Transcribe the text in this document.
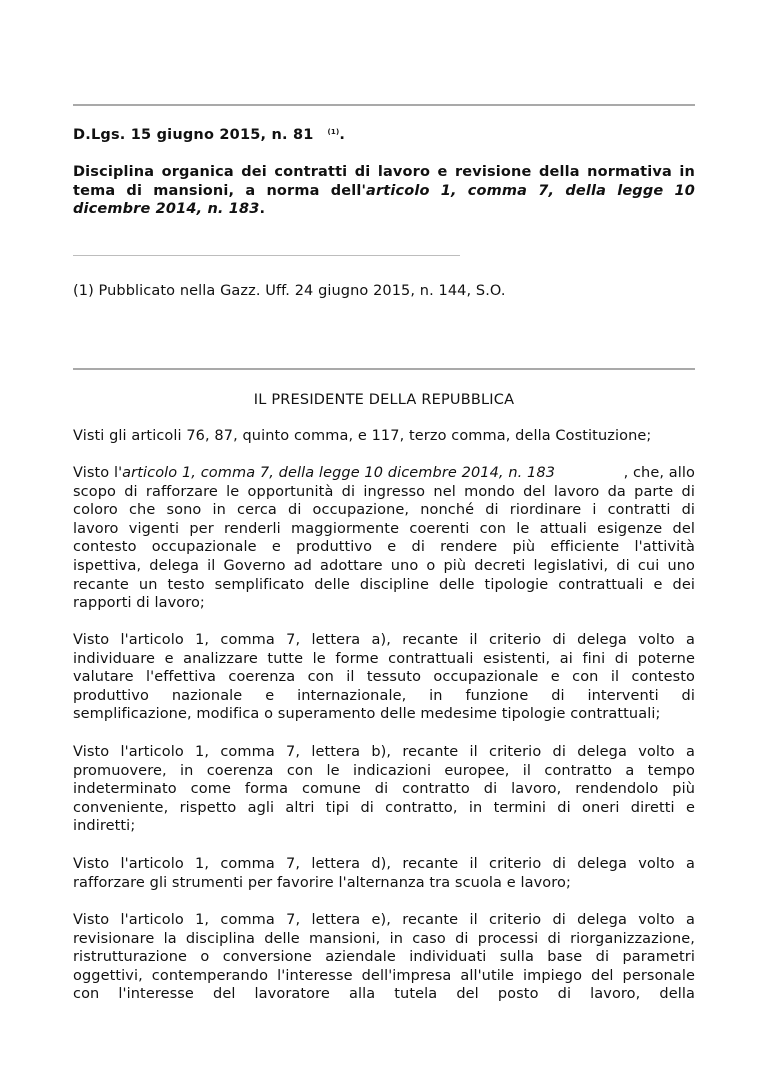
D.Lgs. 15 giugno 2015, n. 81 $^{(1)}$.
Disciplina organica dei contratti di lavoro e revisione della normativa in tema di mansioni, a norma dell'articolo 1, comma 7, della legge 10 dicembre 2014, n. 183.
(1) Pubblicato nella Gazz. Uff. 24 giugno 2015, n. 144, S.O.
IL PRESIDENTE DELLA REPUBBLICA
Visti gli articoli 76, 87, quinto comma, e 117, terzo comma, della Costituzione;
Visto l'articolo 1, comma 7, della legge 10 dicembre 2014, n. 183	, che, allo
scopo di rafforzare le opportunità di ingresso nel mondo del lavoro da parte di
coloro che sono in cerca di occupazione, nonché di riordinare i contratti di
lavoro vigenti per renderli maggiormente coerenti con le attuali esigenze del
contesto occupazionale e produttivo e di rendere più efficiente l'attività
ispettiva, delega il Governo ad adottare uno o più decreti legislativi, di cui uno
recante un testo semplificato delle discipline delle tipologie contrattuali e dei
rapporti di lavoro;
Visto l'articolo 1, comma 7, lettera a), recante il criterio di delega volto a
individuare e analizzare tutte le forme contrattuali esistenti, ai fini di poterne
valutare l'effettiva coerenza con il tessuto occupazionale e con il contesto
produttivo nazionale e internazionale, in funzione di interventi di
semplificazione, modifica o superamento delle medesime tipologie contrattuali;
Visto l'articolo 1, comma 7, lettera b), recante il criterio di delega volto a
promuovere, in coerenza con le indicazioni europee, il contratto a tempo
indeterminato come forma comune di contratto di lavoro, rendendolo più
conveniente, rispetto agli altri tipi di contratto, in termini di oneri diretti e
indiretti;
Visto l'articolo 1, comma 7, lettera d), recante il criterio di delega volto a
rafforzare gli strumenti per favorire l'alternanza tra scuola e lavoro;
Visto l'articolo 1, comma 7, lettera e), recante il criterio di delega volto a
revisionare la disciplina delle mansioni, in caso di processi di riorganizzazione,
ristrutturazione o conversione aziendale individuati sulla base di parametri
oggettivi, contemperando l'interesse dell'impresa all'utile impiego del personale
con l'interesse del lavoratore alla tutela del posto di lavoro, della
